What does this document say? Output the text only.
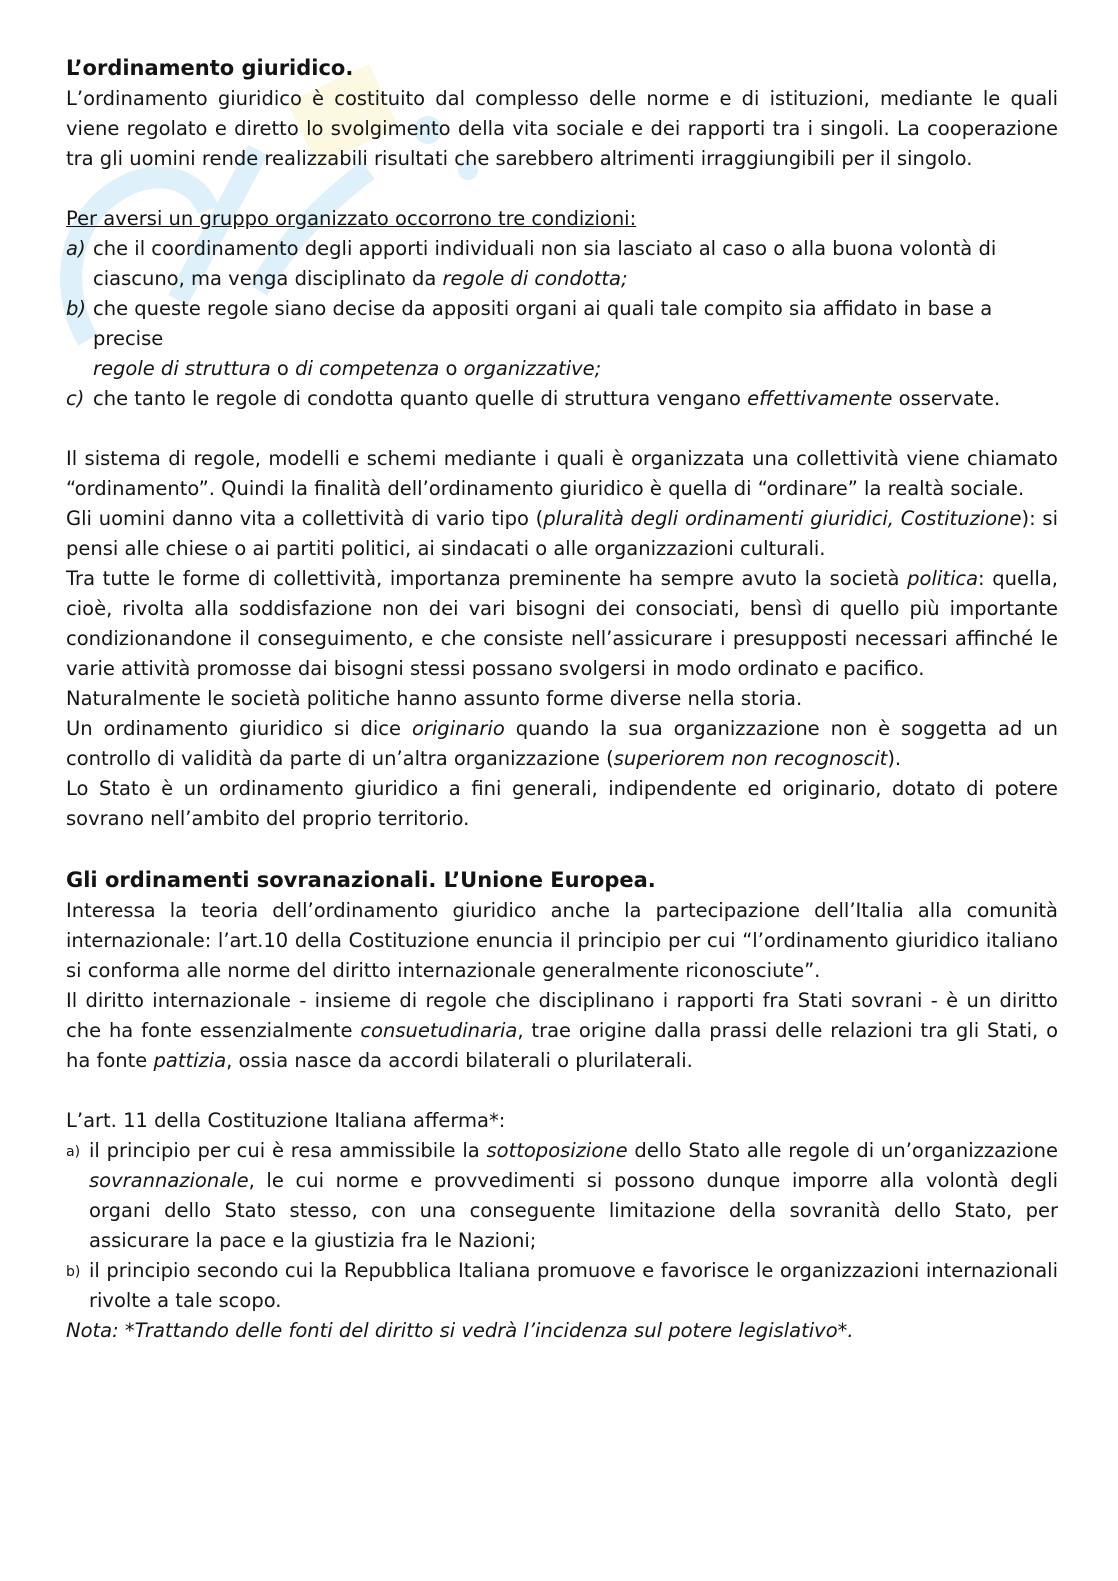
L’ordinamento giuridico.

L’ordinamento giuridico è costituito dal complesso delle norme e di istituzioni, mediante le quali viene regolato e diretto lo svolgimento della vita sociale e dei rapporti tra i singoli. La cooperazione tra gli uomini rende realizzabili risultati che sarebbero altrimenti irraggiungibili per il singolo.

Per aversi un gruppo organizzato occorrono tre condizioni:

a) che il coordinamento degli apporti individuali non sia lasciato al caso o alla buona volontà di ciascuno, ma venga disciplinato da regole di condotta;
b) che queste regole siano decise da appositi organi ai quali tale compito sia affidato in base a precise
regole di struttura o di competenza o organizzative;
c) che tanto le regole di condotta quanto quelle di struttura vengano effettivamente osservate.

Il sistema di regole, modelli e schemi mediante i quali è organizzata una collettività viene chiamato “ordinamento”. Quindi la finalità dell’ordinamento giuridico è quella di “ordinare” la realtà sociale.

Gli uomini danno vita a collettività di vario tipo (pluralità degli ordinamenti giuridici, Costituzione): si pensi alle chiese o ai partiti politici, ai sindacati o alle organizzazioni culturali.

Tra tutte le forme di collettività, importanza preminente ha sempre avuto la società politica: quella, cioè, rivolta alla soddisfazione non dei vari bisogni dei consociati, bensì di quello più importante condizionandone il conseguimento, e che consiste nell’assicurare i presupposti necessari affinché le varie attività promosse dai bisogni stessi possano svolgersi in modo ordinato e pacifico.

Naturalmente le società politiche hanno assunto forme diverse nella storia.

Un ordinamento giuridico si dice originario quando la sua organizzazione non è soggetta ad un controllo di validità da parte di un’altra organizzazione (superiorem non recognoscit).

Lo Stato è un ordinamento giuridico a fini generali, indipendente ed originario, dotato di potere sovrano nell’ambito del proprio territorio.

Gli ordinamenti sovranazionali. L’Unione Europea.

Interessa la teoria dell’ordinamento giuridico anche la partecipazione dell’Italia alla comunità internazionale: l’art.10 della Costituzione enuncia il principio per cui “l’ordinamento giuridico italiano si conforma alle norme del diritto internazionale generalmente riconosciute”.

Il diritto internazionale - insieme di regole che disciplinano i rapporti fra Stati sovrani - è un diritto che ha fonte essenzialmente consuetudinaria, trae origine dalla prassi delle relazioni tra gli Stati, o ha fonte pattizia, ossia nasce da accordi bilaterali o plurilaterali.

L’art. 11 della Costituzione Italiana afferma*:

a) il principio per cui è resa ammissibile la sottoposizione dello Stato alle regole di un’organizzazione sovrannazionale, le cui norme e provvedimenti si possono dunque imporre alla volontà degli organi dello Stato stesso, con una conseguente limitazione della sovranità dello Stato, per assicurare la pace e la giustizia fra le Nazioni;
b) il principio secondo cui la Repubblica Italiana promuove e favorisce le organizzazioni internazionali rivolte a tale scopo.

Nota: *Trattando delle fonti del diritto si vedrà l’incidenza sul potere legislativo*.
